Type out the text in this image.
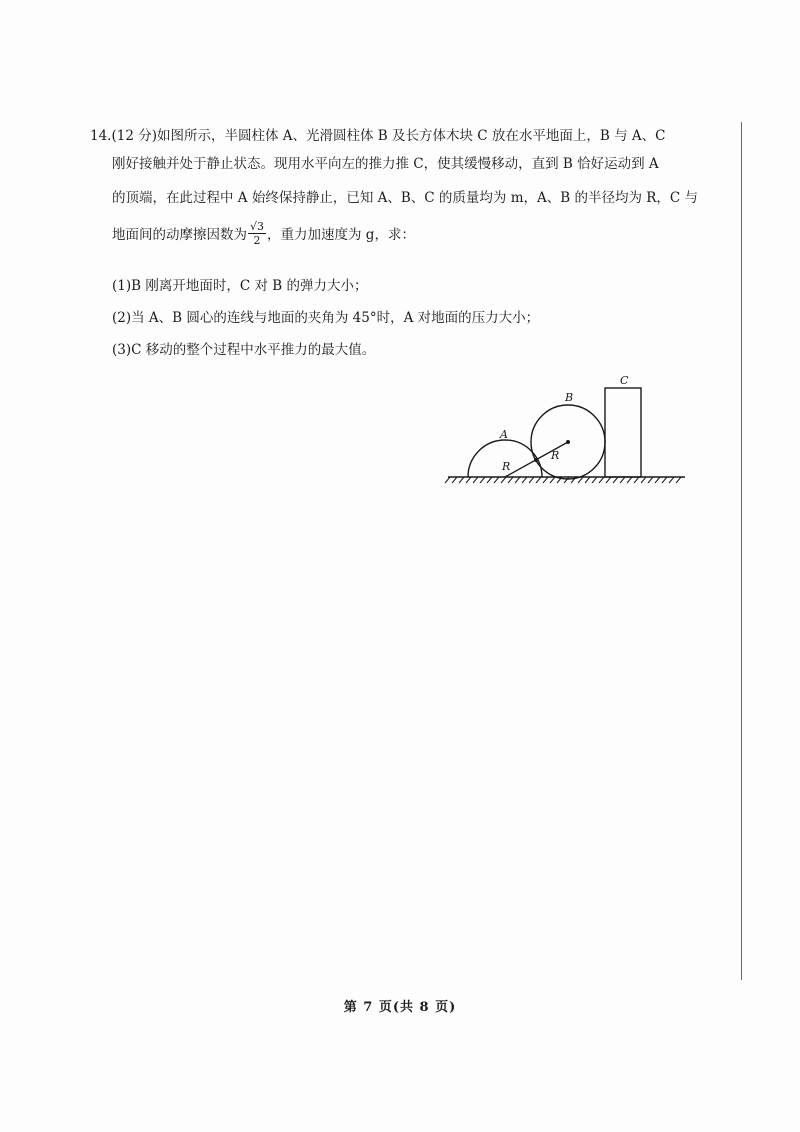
14.(12 分)如图所示，半圆柱体 A、光滑圆柱体 B 及长方体木块 C 放在水平地面上，B 与 A、C
刚好接触并处于静止状态。现用水平向左的推力推 C，使其缓慢移动，直到 B 恰好运动到 A
的顶端，在此过程中 A 始终保持静止，已知 A、B、C 的质量均为 m，A、B 的半径均为 R，C 与
地面间的动摩擦因数为 $\frac{√3}{2}$ ，重力加速度为 g，求：
(1)B 刚离开地面时，C 对 B 的弹力大小；
(2)当 A、B 圆心的连线与地面的夹角为 45°时，A 对地面的压力大小；
(3)C 移动的整个过程中水平推力的最大值。
A
B
C
R
R
第 7 页(共 8 页)
